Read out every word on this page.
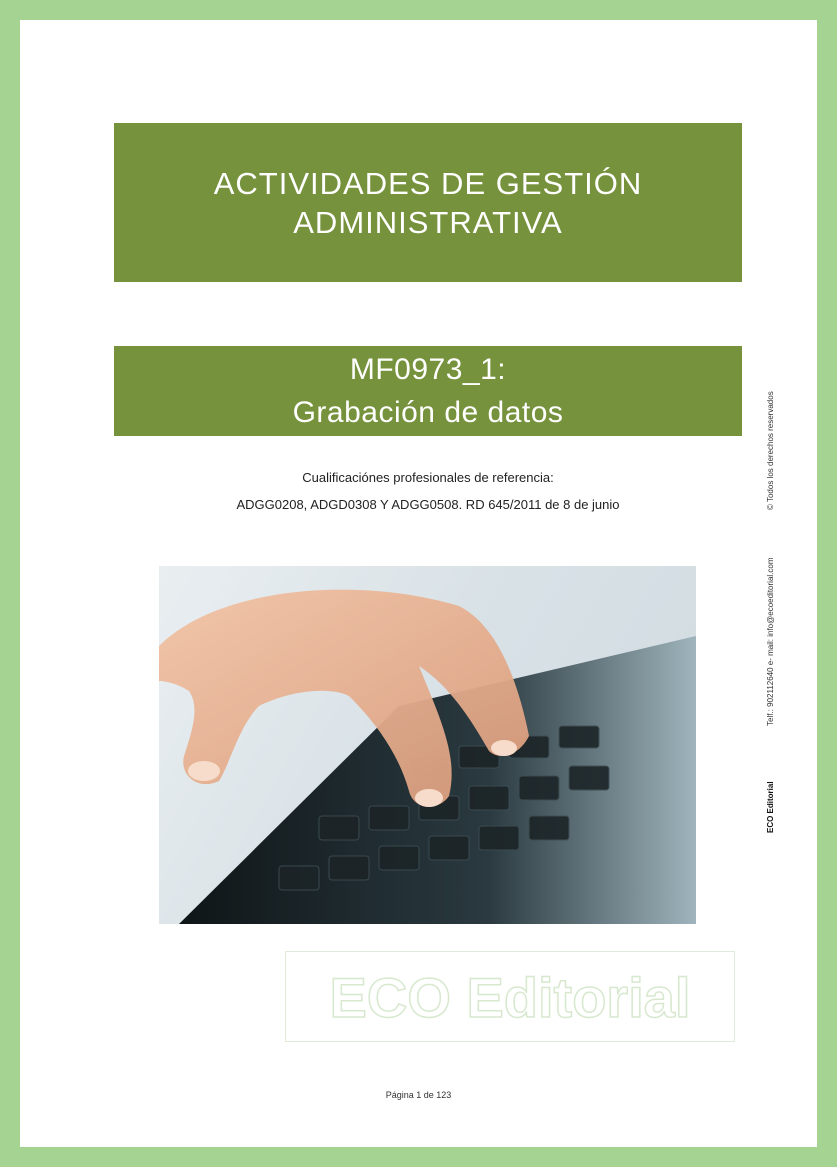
ACTIVIDADES DE GESTIÓN
ADMINISTRATIVA
MF0973_1:
Grabación de datos
Cualificaciónes profesionales de referencia:
ADGG0208, ADGD0308 Y ADGG0508. RD 645/2011 de 8 de junio	© Todos los derechos reservados
Telf.: 902112640 e- mail: info@ecoeditorial.com
ECO Editorial
ECO Editorial
Página 1 de 123
